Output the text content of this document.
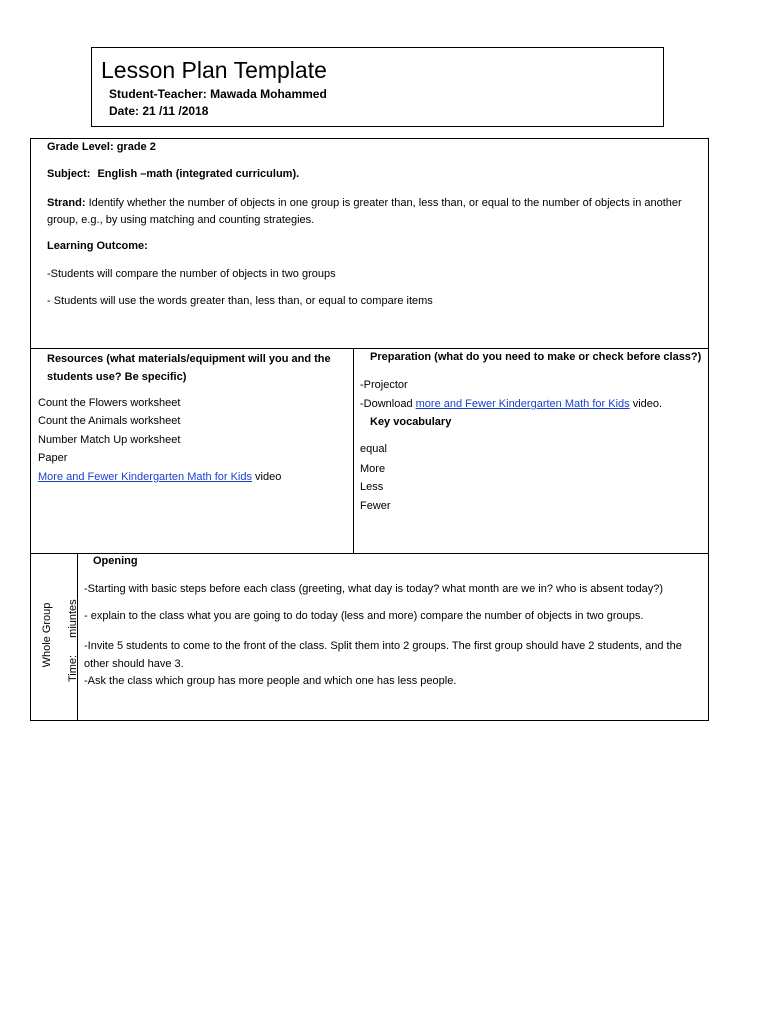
Lesson Plan Template
Student-Teacher: Mawada Mohammed
Date: 21 /11 /2018
Grade Level: grade 2
Subject: English –math (integrated curriculum).
Strand: Identify whether the number of objects in one group is greater than, less than, or equal to the number of objects in another group, e.g., by using matching and counting strategies.
Learning Outcome:
-Students will compare the number of objects in two groups
- Students will use the words greater than, less than, or equal to compare items
Resources (what materials/equipment will you and the students use? Be specific)
Count the Flowers worksheet
Count the Animals worksheet
Number Match Up worksheet
Paper
More and Fewer Kindergarten Math for Kids video
Preparation (what do you need to make or check before class?)
-Projector
-Download more and Fewer Kindergarten Math for Kids video.
Key vocabulary
equal
More
Less
Fewer
Whole Group
Time: miuntes
Opening
-Starting with basic steps before each class (greeting, what day is today? what month are we in? who is absent today?)
- explain to the class what you are going to do today (less and more) compare the number of objects in two groups.
-Invite 5 students to come to the front of the class. Split them into 2 groups. The first group should have 2 students, and the other should have 3.
-Ask the class which group has more people and which one has less people.
